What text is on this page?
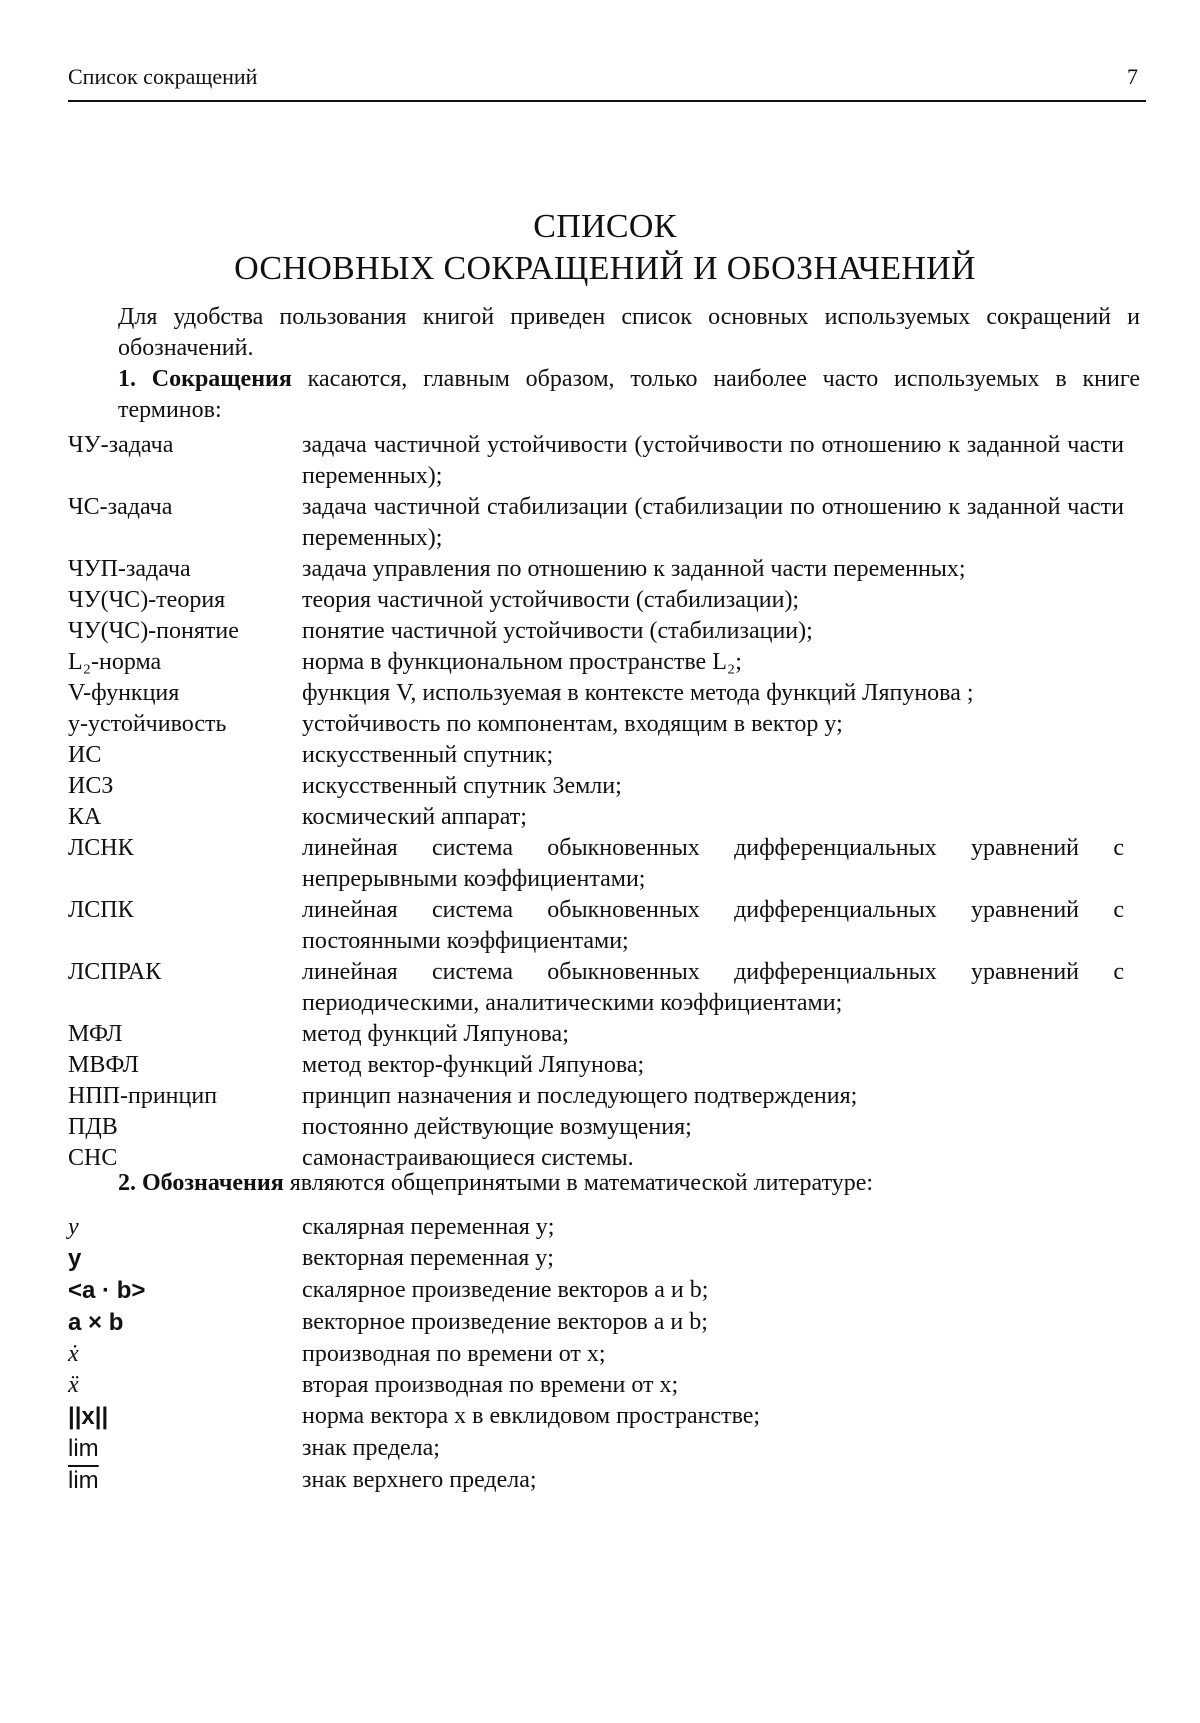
Список сокращений	7
СПИСОК
ОСНОВНЫХ СОКРАЩЕНИЙ И ОБОЗНАЧЕНИЙ
Для удобства пользования книгой приведен список основных используемых сокращений и обозначений.
1. Сокращения касаются, главным образом, только наиболее часто используемых в книге терминов:
ЧУ-задача	задача частичной устойчивости (устойчивости по отношению к заданной части переменных);
ЧС-задача	задача частичной стабилизации (стабилизации по отношению к заданной части переменных);
ЧУП-задача	задача управления по отношению к заданной части переменных;
ЧУ(ЧС)-теория	теория частичной устойчивости (стабилизации);
ЧУ(ЧС)-понятие	понятие частичной устойчивости (стабилизации);
L₂-норма	норма в функциональном пространстве L₂;
V-функция	функция V, используемая в контексте метода функций Ляпунова ;
у-устойчивость	устойчивость по компонентам, входящим в вектор у;
ИС	искусственный спутник;
ИСЗ	искусственный спутник Земли;
КА	космический аппарат;
ЛСНК	линейная система обыкновенных дифференциальных уравнений с непрерывными коэффициентами;
ЛСПК	линейная система обыкновенных дифференциальных уравнений с постоянными коэффициентами;
ЛСПРАК	линейная система обыкновенных дифференциальных уравнений с периодическими, аналитическими коэффициентами;
МФЛ	метод функций Ляпунова;
МВФЛ	метод вектор-функций Ляпунова;
НПП-принцип	принцип назначения и последующего подтверждения;
ПДВ	постоянно действующие возмущения;
СНС	самонастраивающиеся системы.
2. Обозначения являются общепринятыми в математической литературе:
y	скалярная переменная y;
y	векторная переменная y;
<a · b>	скалярное произведение векторов a и b;
a × b	векторное произведение векторов a и b;
ẋ	производная по времени от x;
ẍ	вторая производная по времени от x;
||x||	норма вектора x в евклидовом пространстве;
lim	знак предела;
$\overline{lim}$	знак верхнего предела;
